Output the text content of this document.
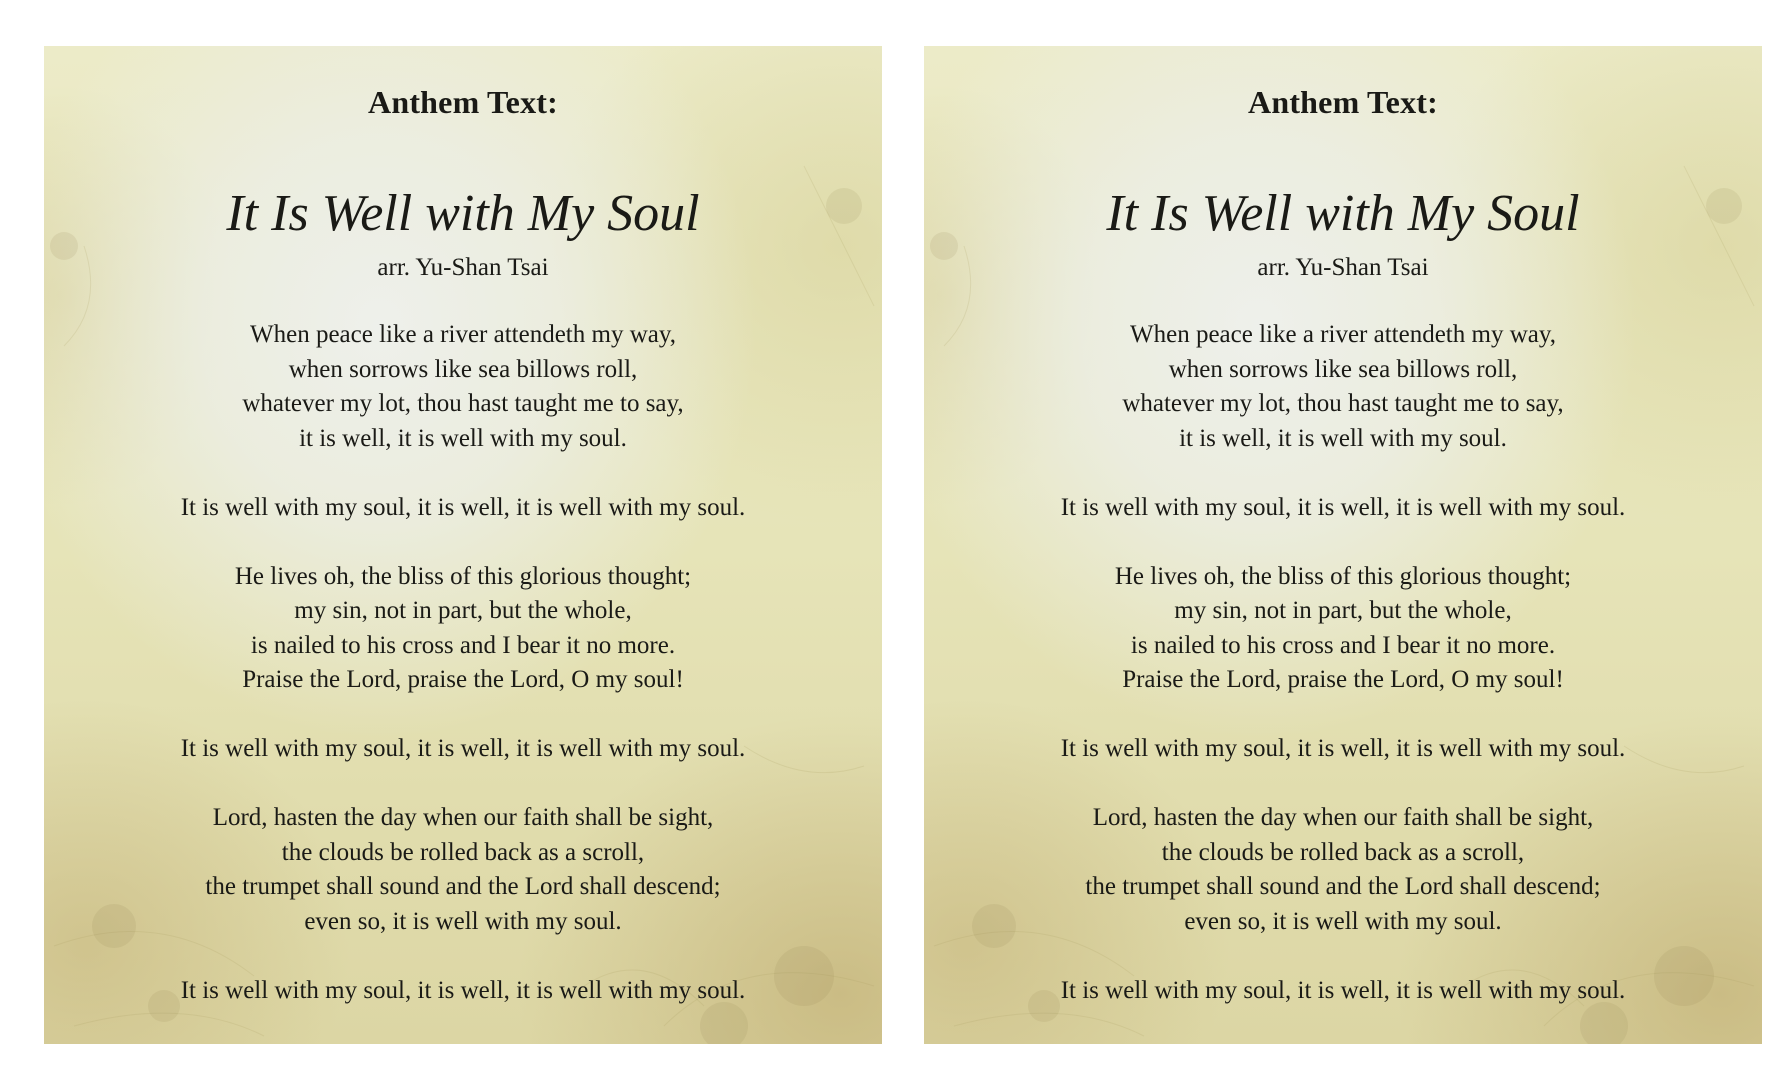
Anthem Text:
It Is Well with My Soul
arr. Yu-Shan Tsai

When peace like a river attendeth my way,
when sorrows like sea billows roll,
whatever my lot, thou hast taught me to say,
it is well, it is well with my soul.

It is well with my soul, it is well, it is well with my soul.

He lives oh, the bliss of this glorious thought;
my sin, not in part, but the whole,
is nailed to his cross and I bear it no more.
Praise the Lord, praise the Lord, O my soul!

It is well with my soul, it is well, it is well with my soul.

Lord, hasten the day when our faith shall be sight,
the clouds be rolled back as a scroll,
the trumpet shall sound and the Lord shall descend;
even so, it is well with my soul.

It is well with my soul, it is well, it is well with my soul.

Anthem Text:
It Is Well with My Soul
arr. Yu-Shan Tsai

When peace like a river attendeth my way,
when sorrows like sea billows roll,
whatever my lot, thou hast taught me to say,
it is well, it is well with my soul.

It is well with my soul, it is well, it is well with my soul.

He lives oh, the bliss of this glorious thought;
my sin, not in part, but the whole,
is nailed to his cross and I bear it no more.
Praise the Lord, praise the Lord, O my soul!

It is well with my soul, it is well, it is well with my soul.

Lord, hasten the day when our faith shall be sight,
the clouds be rolled back as a scroll,
the trumpet shall sound and the Lord shall descend;
even so, it is well with my soul.

It is well with my soul, it is well, it is well with my soul.
